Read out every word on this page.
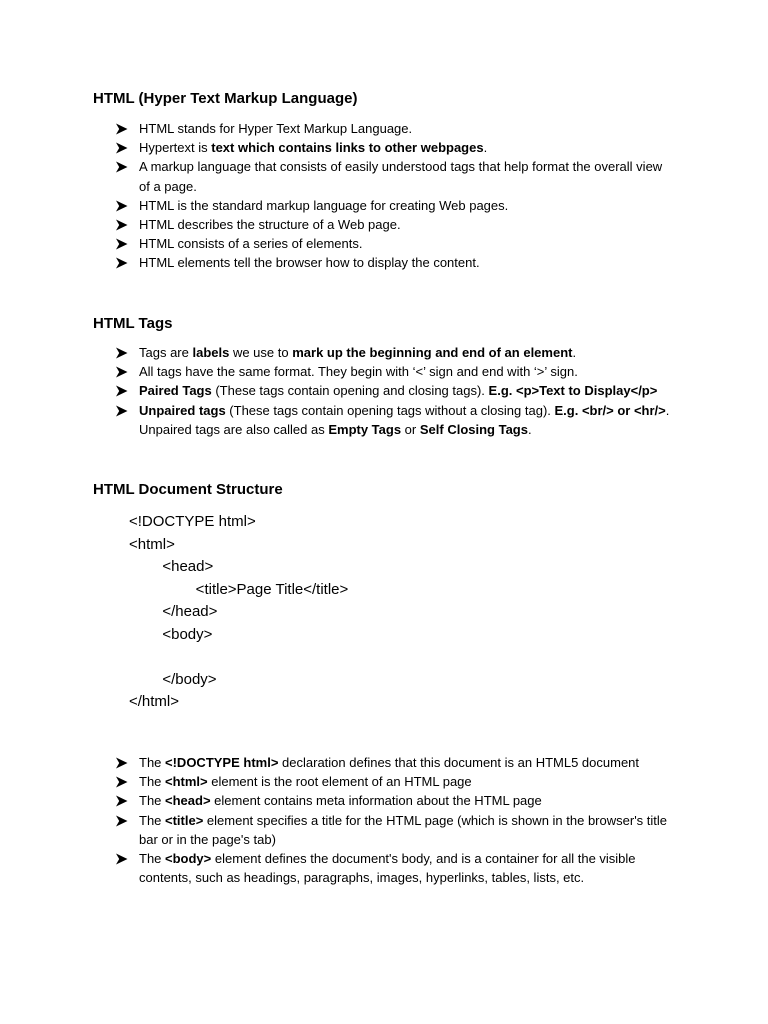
HTML (Hyper Text Markup Language)
HTML stands for Hyper Text Markup Language.
Hypertext is text which contains links to other webpages.
A markup language that consists of easily understood tags that help format the overall view of a page.
HTML is the standard markup language for creating Web pages.
HTML describes the structure of a Web page.
HTML consists of a series of elements.
HTML elements tell the browser how to display the content.
HTML Tags
Tags are labels we use to mark up the beginning and end of an element.
All tags have the same format. They begin with ‘<’ sign and end with ‘>’ sign.
Paired Tags (These tags contain opening and closing tags). E.g. <p>Text to Display</p>
Unpaired tags (These tags contain opening tags without a closing tag). E.g. <br/> or <hr/>. Unpaired tags are also called as Empty Tags or Self Closing Tags.
HTML Document Structure
<!DOCTYPE html>
<html>
<head>
<title>Page Title</title>
</head>
<body>
</body>
</html>
The <!DOCTYPE html> declaration defines that this document is an HTML5 document
The <html> element is the root element of an HTML page
The <head> element contains meta information about the HTML page
The <title> element specifies a title for the HTML page (which is shown in the browser's title bar or in the page's tab)
The <body> element defines the document's body, and is a container for all the visible contents, such as headings, paragraphs, images, hyperlinks, tables, lists, etc.
